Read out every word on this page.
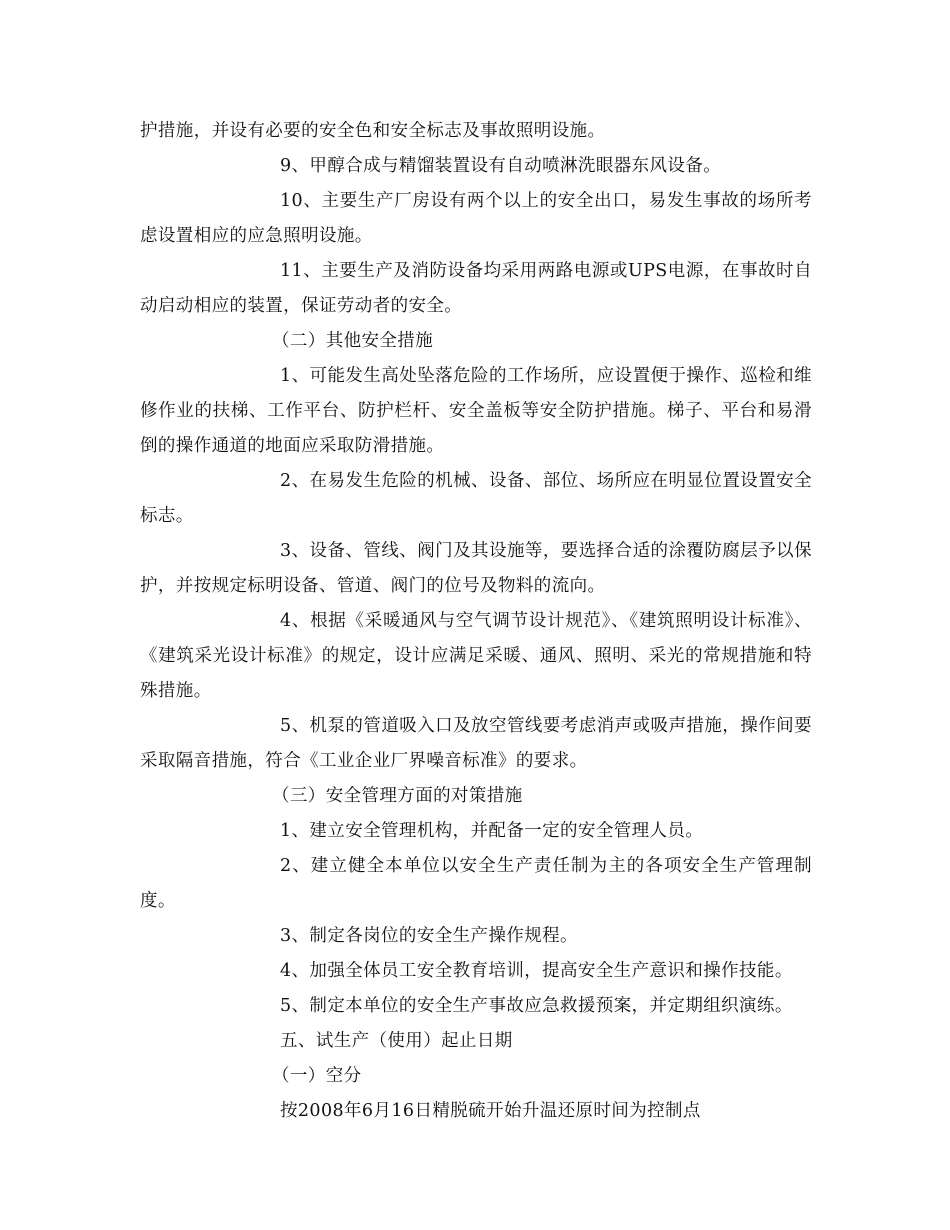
护措施，并设有必要的安全色和安全标志及事故照明设施。

9、甲醇合成与精馏装置设有自动喷淋洗眼器东风设备。

10、主要生产厂房设有两个以上的安全出口，易发生事故的场所考虑设置相应的应急照明设施。

11、主要生产及消防设备均采用两路电源或UPS电源，在事故时自动启动相应的装置，保证劳动者的安全。

（二）其他安全措施

1、可能发生高处坠落危险的工作场所，应设置便于操作、巡检和维修作业的扶梯、工作平台、防护栏杆、安全盖板等安全防护措施。梯子、平台和易滑倒的操作通道的地面应采取防滑措施。

2、在易发生危险的机械、设备、部位、场所应在明显位置设置安全标志。

3、设备、管线、阀门及其设施等，要选择合适的涂覆防腐层予以保护，并按规定标明设备、管道、阀门的位号及物料的流向。

4、根据《采暖通风与空气调节设计规范》、《建筑照明设计标准》、《建筑采光设计标准》的规定，设计应满足采暖、通风、照明、采光的常规措施和特殊措施。

5、机泵的管道吸入口及放空管线要考虑消声或吸声措施，操作间要采取隔音措施，符合《工业企业厂界噪音标准》的要求。

（三）安全管理方面的对策措施

1、建立安全管理机构，并配备一定的安全管理人员。

2、建立健全本单位以安全生产责任制为主的各项安全生产管理制度。

3、制定各岗位的安全生产操作规程。

4、加强全体员工安全教育培训，提高安全生产意识和操作技能。

5、制定本单位的安全生产事故应急救援预案，并定期组织演练。

五、试生产（使用）起止日期

（一）空分

按2008年6月16日精脱硫开始升温还原时间为控制点
